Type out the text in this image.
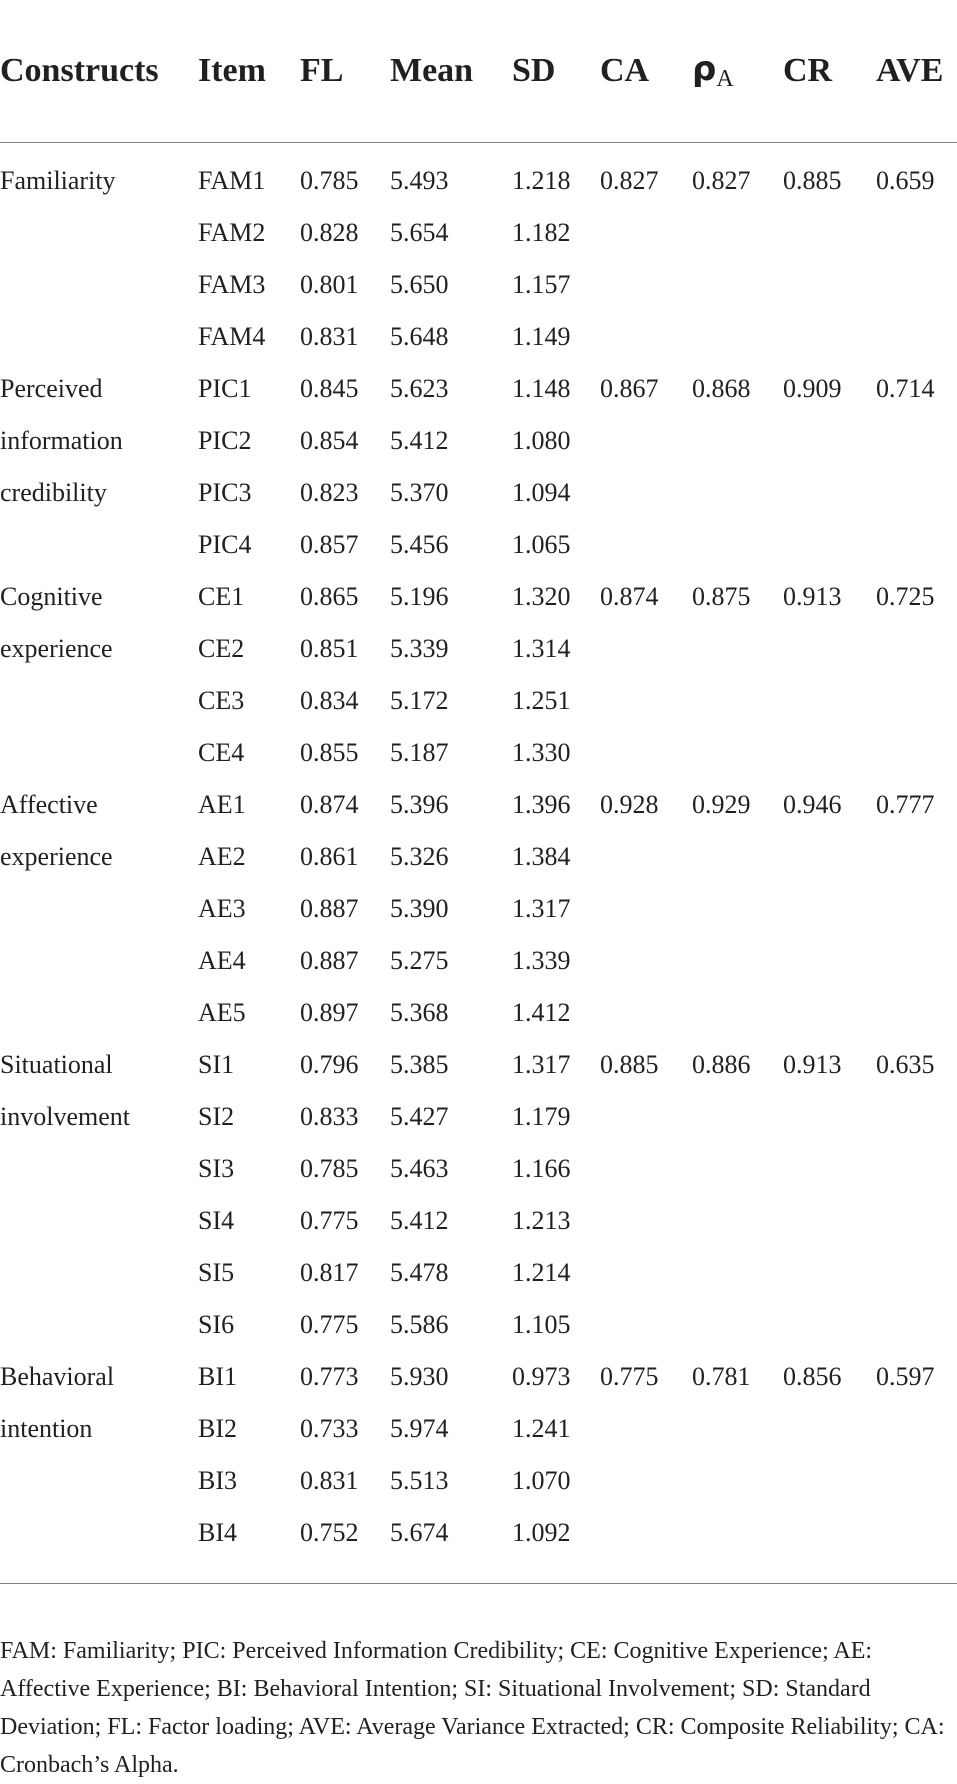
Constructs	Item	FL	Mean	SD	CA	ρA	CR	AVE

Familiarity	FAM1	0.785	5.493	1.218	0.827	0.827	0.885	0.659
	FAM2	0.828	5.654	1.182				
	FAM3	0.801	5.650	1.157				
	FAM4	0.831	5.648	1.149				
Perceived	PIC1	0.845	5.623	1.148	0.867	0.868	0.909	0.714
information	PIC2	0.854	5.412	1.080				
credibility	PIC3	0.823	5.370	1.094				
	PIC4	0.857	5.456	1.065				
Cognitive	CE1	0.865	5.196	1.320	0.874	0.875	0.913	0.725
experience	CE2	0.851	5.339	1.314				
	CE3	0.834	5.172	1.251				
	CE4	0.855	5.187	1.330				
Affective	AE1	0.874	5.396	1.396	0.928	0.929	0.946	0.777
experience	AE2	0.861	5.326	1.384				
	AE3	0.887	5.390	1.317				
	AE4	0.887	5.275	1.339				
	AE5	0.897	5.368	1.412				
Situational	SI1	0.796	5.385	1.317	0.885	0.886	0.913	0.635
involvement	SI2	0.833	5.427	1.179				
	SI3	0.785	5.463	1.166				
	SI4	0.775	5.412	1.213				
	SI5	0.817	5.478	1.214				
	SI6	0.775	5.586	1.105				
Behavioral	BI1	0.773	5.930	0.973	0.775	0.781	0.856	0.597
intention	BI2	0.733	5.974	1.241				
	BI3	0.831	5.513	1.070				
	BI4	0.752	5.674	1.092				

FAM: Familiarity; PIC: Perceived Information Credibility; CE: Cognitive Experience; AE: Affective Experience; BI: Behavioral Intention; SI: Situational Involvement; SD: Standard Deviation; FL: Factor loading; AVE: Average Variance Extracted; CR: Composite Reliability; CA: Cronbach’s Alpha.
